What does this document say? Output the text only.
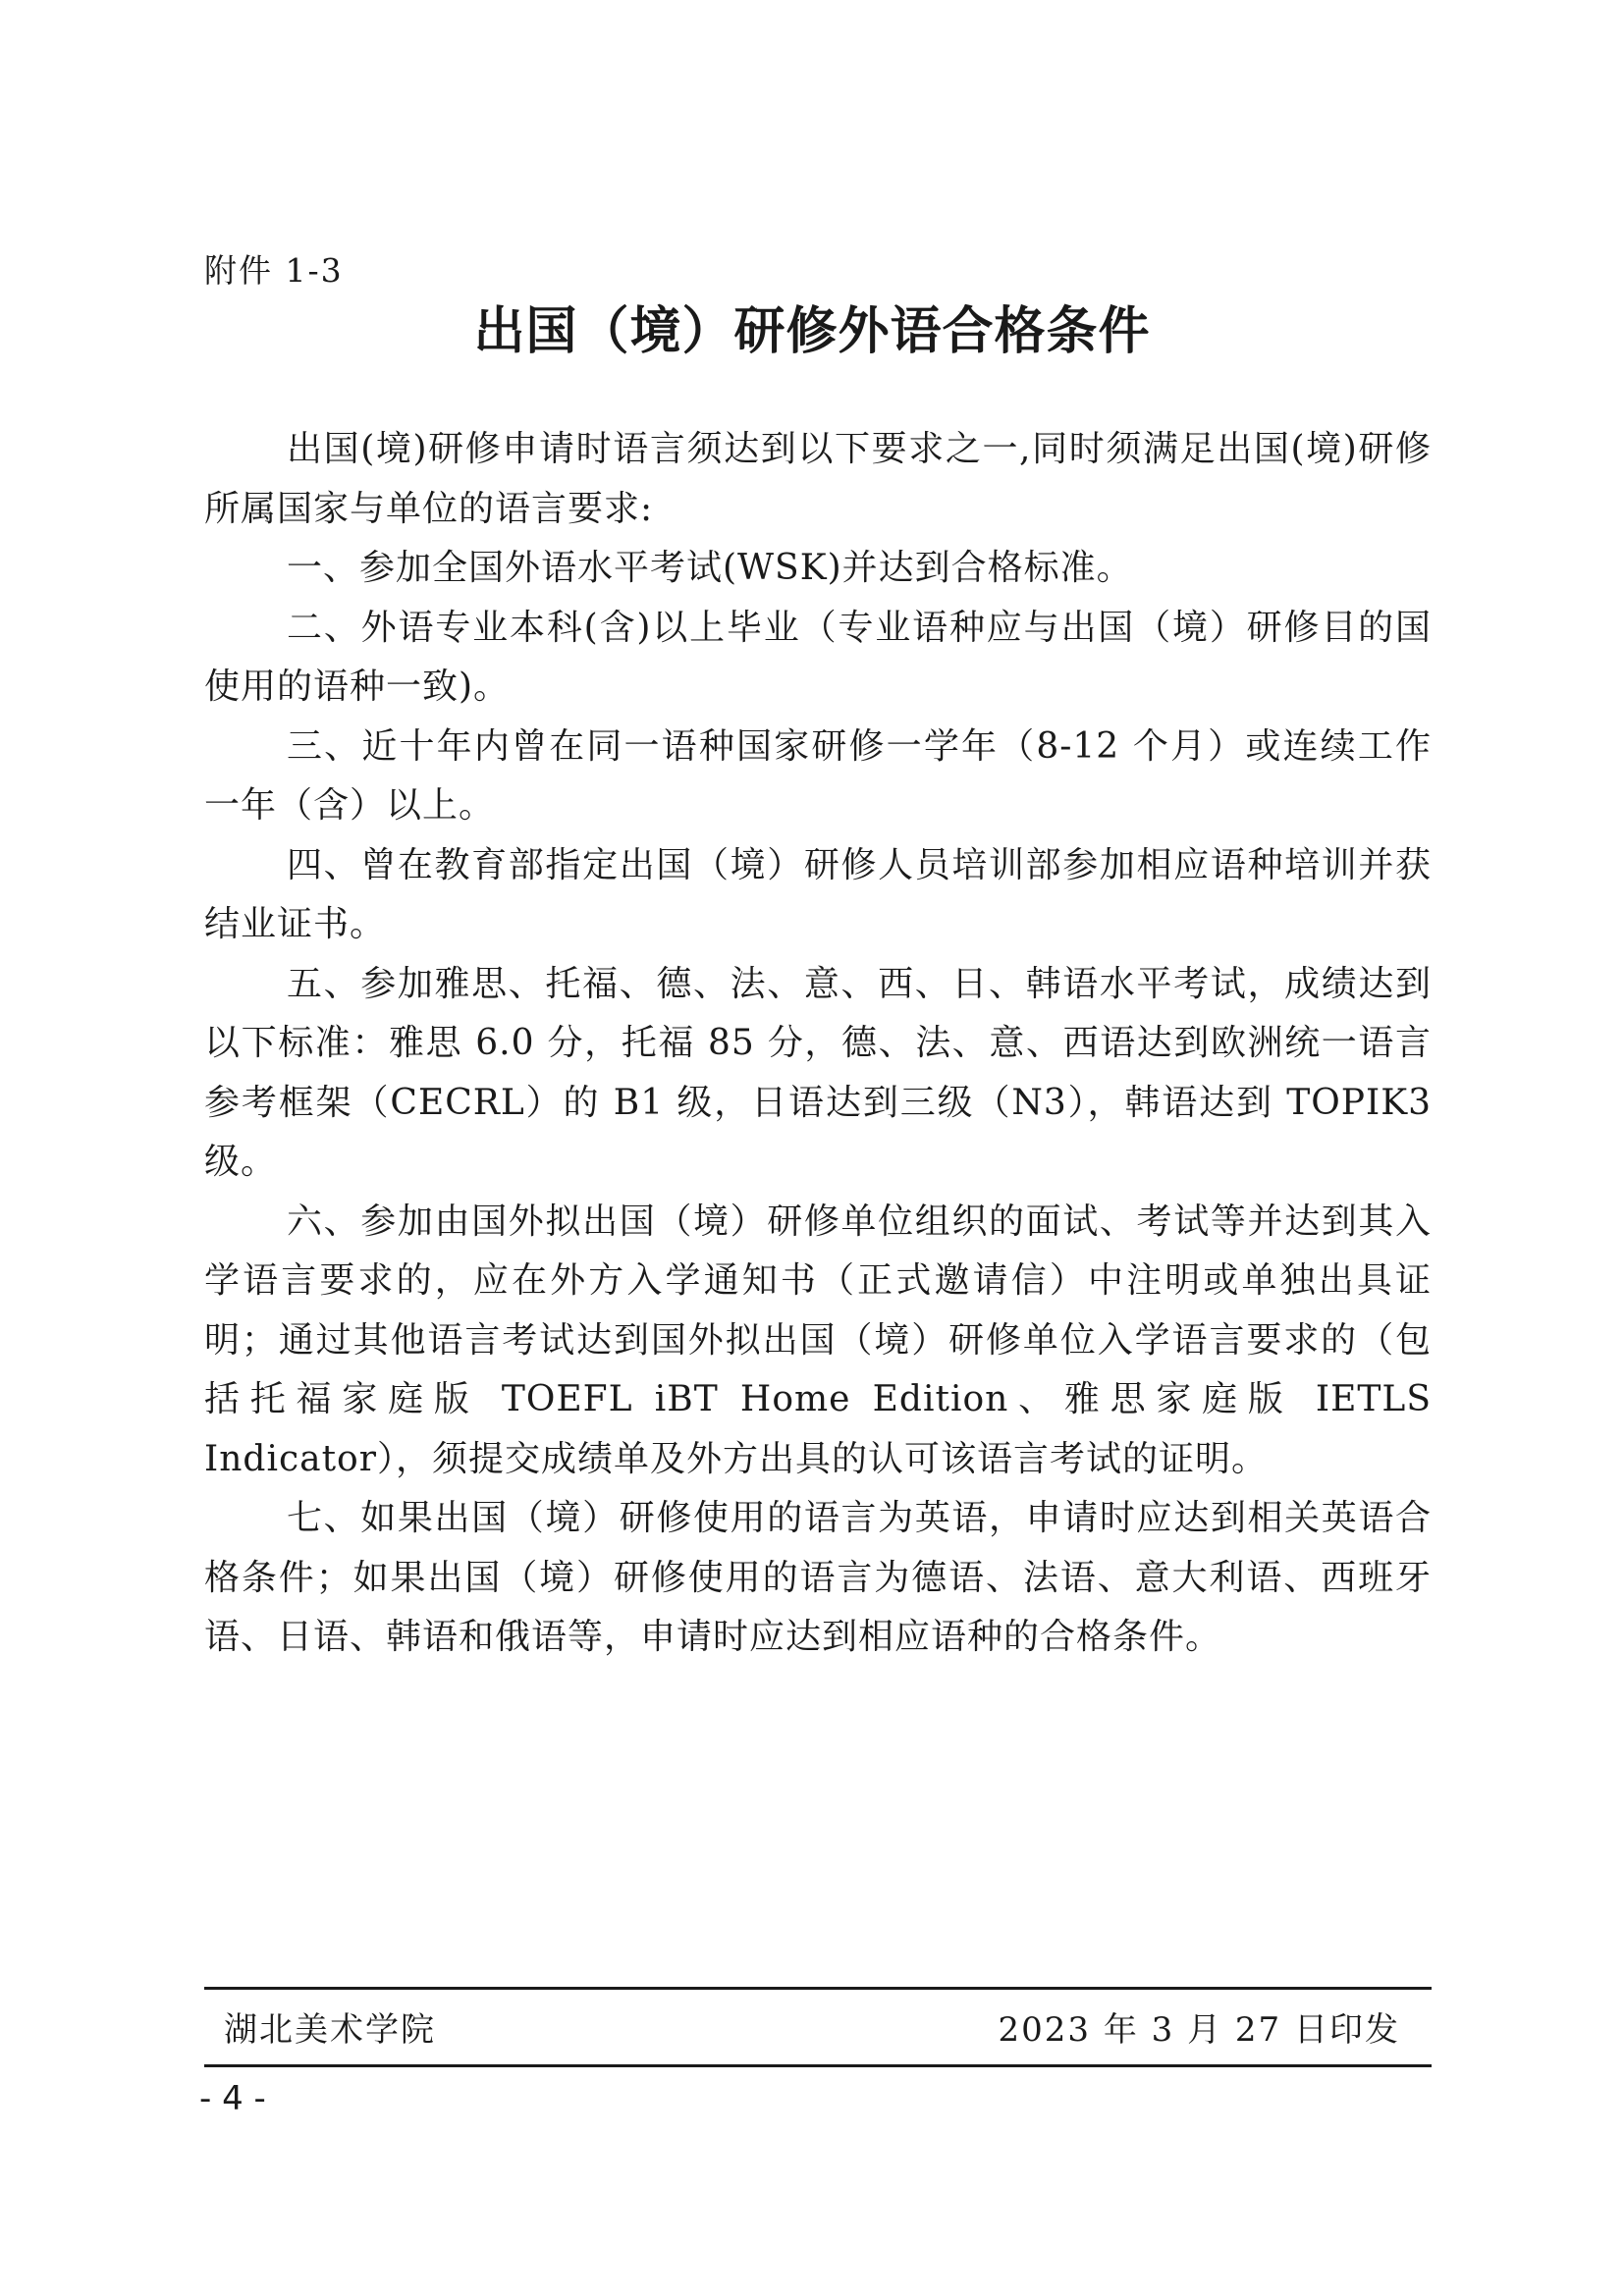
附件 1-3
出国（境）研修外语合格条件

出国(境)研修申请时语言须达到以下要求之一,同时须满足出国(境)研修所属国家与单位的语言要求:

一、参加全国外语水平考试(WSK)并达到合格标准。

二、外语专业本科(含)以上毕业（专业语种应与出国（境）研修目的国使用的语种一致)。

三、近十年内曾在同一语种国家研修一学年（8-12 个月）或连续工作一年（含）以上。

四、曾在教育部指定出国（境）研修人员培训部参加相应语种培训并获结业证书。

五、参加雅思、托福、德、法、意、西、日、韩语水平考试，成绩达到以下标准：雅思 6.0 分，托福 85 分，德、法、意、西语达到欧洲统一语言参考框架（CECRL）的 B1 级，日语达到三级（N3），韩语达到 TOPIK3 级。

六、参加由国外拟出国（境）研修单位组织的面试、考试等并达到其入学语言要求的，应在外方入学通知书（正式邀请信）中注明或单独出具证明；通过其他语言考试达到国外拟出国（境）研修单位入学语言要求的（包括托福家庭版 TOEFL iBT Home Edition、雅思家庭版 IETLS Indicator），须提交成绩单及外方出具的认可该语言考试的证明。

七、如果出国（境）研修使用的语言为英语，申请时应达到相关英语合格条件；如果出国（境）研修使用的语言为德语、法语、意大利语、西班牙语、日语、韩语和俄语等，申请时应达到相应语种的合格条件。

湖北美术学院	2023 年 3 月 27 日印发
- 4 -
